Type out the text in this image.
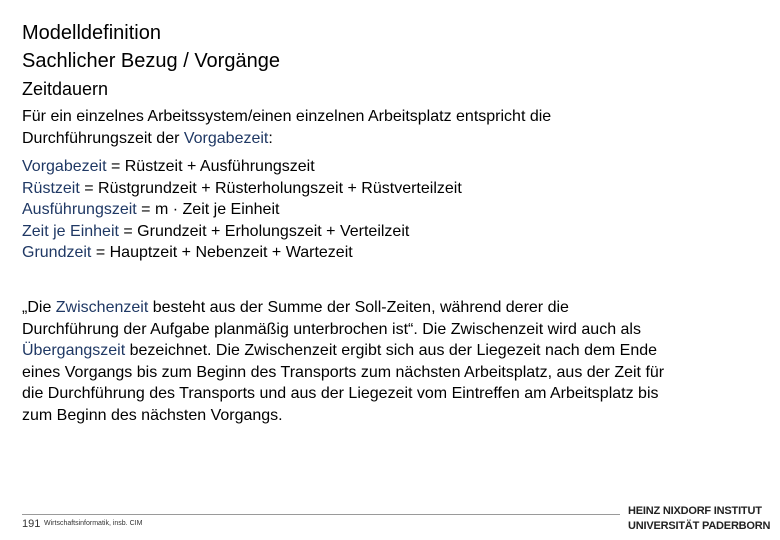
Modelldefinition
Sachlicher Bezug / Vorgänge
Zeitdauern
Für ein einzelnes Arbeitssystem/einen einzelnen Arbeitsplatz entspricht die
Durchführungszeit der Vorgabezeit:
Vorgabezeit = Rüstzeit + Ausführungszeit
Rüstzeit = Rüstgrundzeit + Rüsterholungszeit + Rüstverteilzeit
Ausführungszeit = m · Zeit je Einheit
Zeit je Einheit = Grundzeit + Erholungszeit + Verteilzeit
Grundzeit = Hauptzeit + Nebenzeit + Wartezeit
„Die Zwischenzeit besteht aus der Summe der Soll-Zeiten, während derer die
Durchführung der Aufgabe planmäßig unterbrochen ist“. Die Zwischenzeit wird auch als
Übergangszeit bezeichnet. Die Zwischenzeit ergibt sich aus der Liegezeit nach dem Ende
eines Vorgangs bis zum Beginn des Transports zum nächsten Arbeitsplatz, aus der Zeit für
die Durchführung des Transports und aus der Liegezeit vom Eintreffen am Arbeitsplatz bis
zum Beginn des nächsten Vorgangs.
191 Wirtschaftsinformatik, insb. CIM
HEINZ NIXDORF INSTITUT
UNIVERSITÄT PADERBORN
